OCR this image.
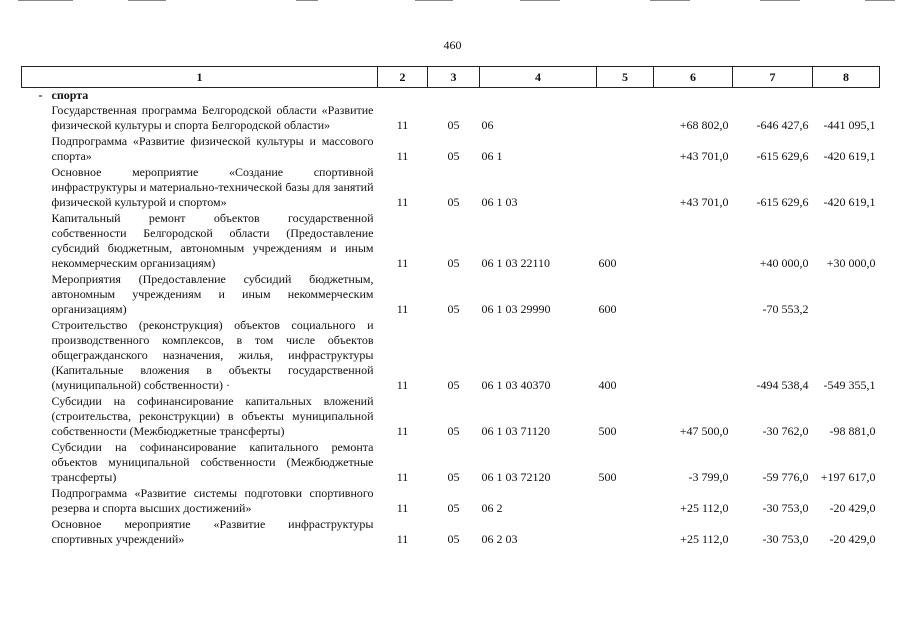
460
1	2	3	4	5	6	7	8

- спорта							
Государственная программа Белгородской области «Развитие физической культуры и спорта Белгородской области»	11	05	06		+68 802,0	-646 427,6	-441 095,1
Подпрограмма «Развитие физической культуры и массового спорта»	11	05	06 1		+43 701,0	-615 629,6	-420 619,1
Основное мероприятие «Создание спортивной инфраструктуры и материально-технической базы для занятий физической культурой и спортом»	11	05	06 1 03		+43 701,0	-615 629,6	-420 619,1
Капитальный ремонт объектов государственной собственности Белгородской области (Предоставление субсидий бюджетным, автономным учреждениям и иным некоммерческим организациям)	11	05	06 1 03 22110	600		+40 000,0	+30 000,0
Мероприятия (Предоставление субсидий бюджетным, автономным учреждениям и иным некоммерческим организациям)	11	05	06 1 03 29990	600		-70 553,2	
Строительство (реконструкция) объектов социального и производственного комплексов, в том числе объектов общегражданского назначения, жилья, инфраструктуры (Капитальные вложения в объекты государственной (муниципальной) собственности) ·	11	05	06 1 03 40370	400		-494 538,4	-549 355,1
Субсидии на софинансирование капитальных вложений (строительства, реконструкции) в объекты муниципальной собственности (Межбюджетные трансферты)	11	05	06 1 03 71120	500	+47 500,0	-30 762,0	-98 881,0
Субсидии на софинансирование капитального ремонта объектов муниципальной собственности (Межбюджетные трансферты)	11	05	06 1 03 72120	500	-3 799,0	-59 776,0	+197 617,0
Подпрограмма «Развитие системы подготовки спортивного резерва и спорта высших достижений»	11	05	06 2		+25 112,0	-30 753,0	-20 429,0
Основное мероприятие «Развитие инфраструктуры спортивных учреждений»	11	05	06 2 03		+25 112,0	-30 753,0	-20 429,0
